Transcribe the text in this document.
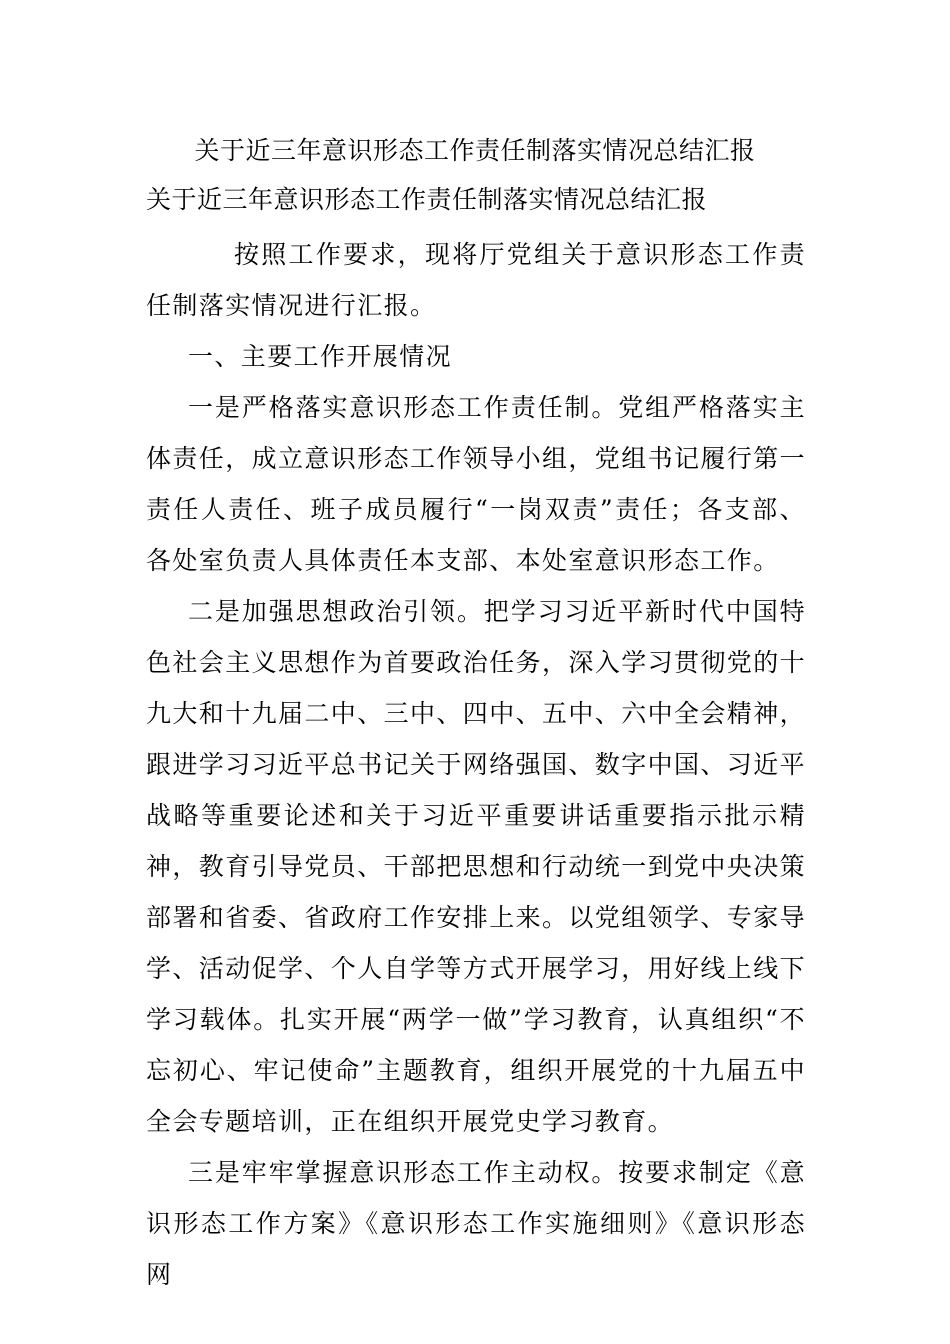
关于近三年意识形态工作责任制落实情况总结汇报
关于近三年意识形态工作责任制落实情况总结汇报

按照工作要求，现将厅党组关于意识形态工作责任制落实情况进行汇报。

一、主要工作开展情况

一是严格落实意识形态工作责任制。党组严格落实主体责任，成立意识形态工作领导小组，党组书记履行第一责任人责任、班子成员履行“一岗双责”责任；各支部、各处室负责人具体责任本支部、本处室意识形态工作。

二是加强思想政治引领。把学习习近平新时代中国特色社会主义思想作为首要政治任务，深入学习贯彻党的十九大和十九届二中、三中、四中、五中、六中全会精神，跟进学习习近平总书记关于网络强国、数字中国、习近平战略等重要论述和关于习近平重要讲话重要指示批示精神，教育引导党员、干部把思想和行动统一到党中央决策部署和省委、省政府工作安排上来。以党组领学、专家导学、活动促学、个人自学等方式开展学习，用好线上线下学习载体。扎实开展“两学一做”学习教育，认真组织“不忘初心、牢记使命”主题教育，组织开展党的十九届五中全会专题培训，正在组织开展党史学习教育。

三是牢牢掌握意识形态工作主动权。按要求制定《意识形态工作方案》《意识形态工作实施细则》《意识形态网
